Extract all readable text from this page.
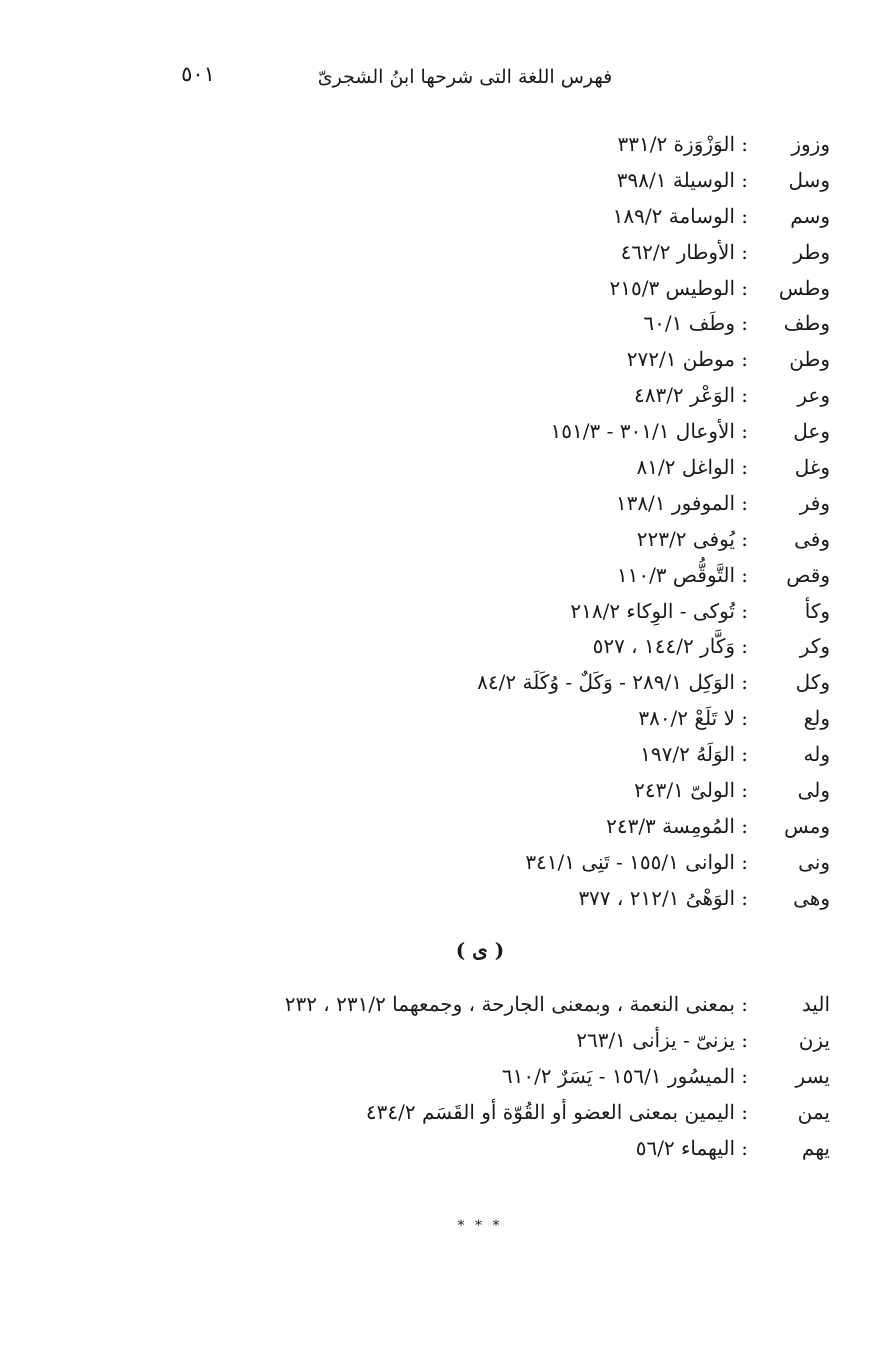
٥٠١	فهرس اللغة التى شرحها ابنُ الشجرىّ
وزوز
:
الوَزْوَزة ٣٣١/٢
وسل
:
الوسيلة ٣٩٨/١
وسم
:
الوسامة ١٨٩/٢
وطر
:
الأوطار ٤٦٢/٢
وطس
:
الوطيس ٢١٥/٣
وطف
:
وطَف ٦٠/١
وطن
:
موطن ٢٧٢/١
وعر
:
الوَعْر ٤٨٣/٢
وعل
:
الأوعال ٣٠١/١ - ١٥١/٣
وغل
:
الواغل ٨١/٢
وفر
:
الموفور ١٣٨/١
وفى
:
يُوفى ٢٢٣/٢
وقص
:
التَّوقُّص ١١٠/٣
وكأ
:
تُوكى - الوِكاء ٢١٨/٢
وكر
:
وَكَّار ١٤٤/٢ ، ٥٢٧
وكل
:
الوَكِل ٢٨٩/١ - وَكَلٌ - وُكَلَة ٨٤/٢
ولع
:
لا تَلَعْ ٣٨٠/٢
وله
:
الوَلَهُ ١٩٧/٢
ولى
:
الولىّ ٢٤٣/١
ومس
:
المُومِسة ٢٤٣/٣
ونى
:
الوانى ١٥٥/١ - تَنِى ٣٤١/١
وهى
:
الوَهْىُ ٢١٢/١ ، ٣٧٧
( ى )
اليد
:
بمعنى النعمة ، وبمعنى الجارحة ، وجمعهما ٢٣١/٢ ، ٢٣٢
يزن
:
يزنىّ - يزأنى ٢٦٣/١
يسر
:
الميسُور ١٥٦/١ - يَسَرٌ ٦١٠/٢
يمن
:
اليمين بمعنى العضو أو القُوّة أو القَسَم ٤٣٤/٢
يهم
:
اليهماء ٥٦/٢
* * *
